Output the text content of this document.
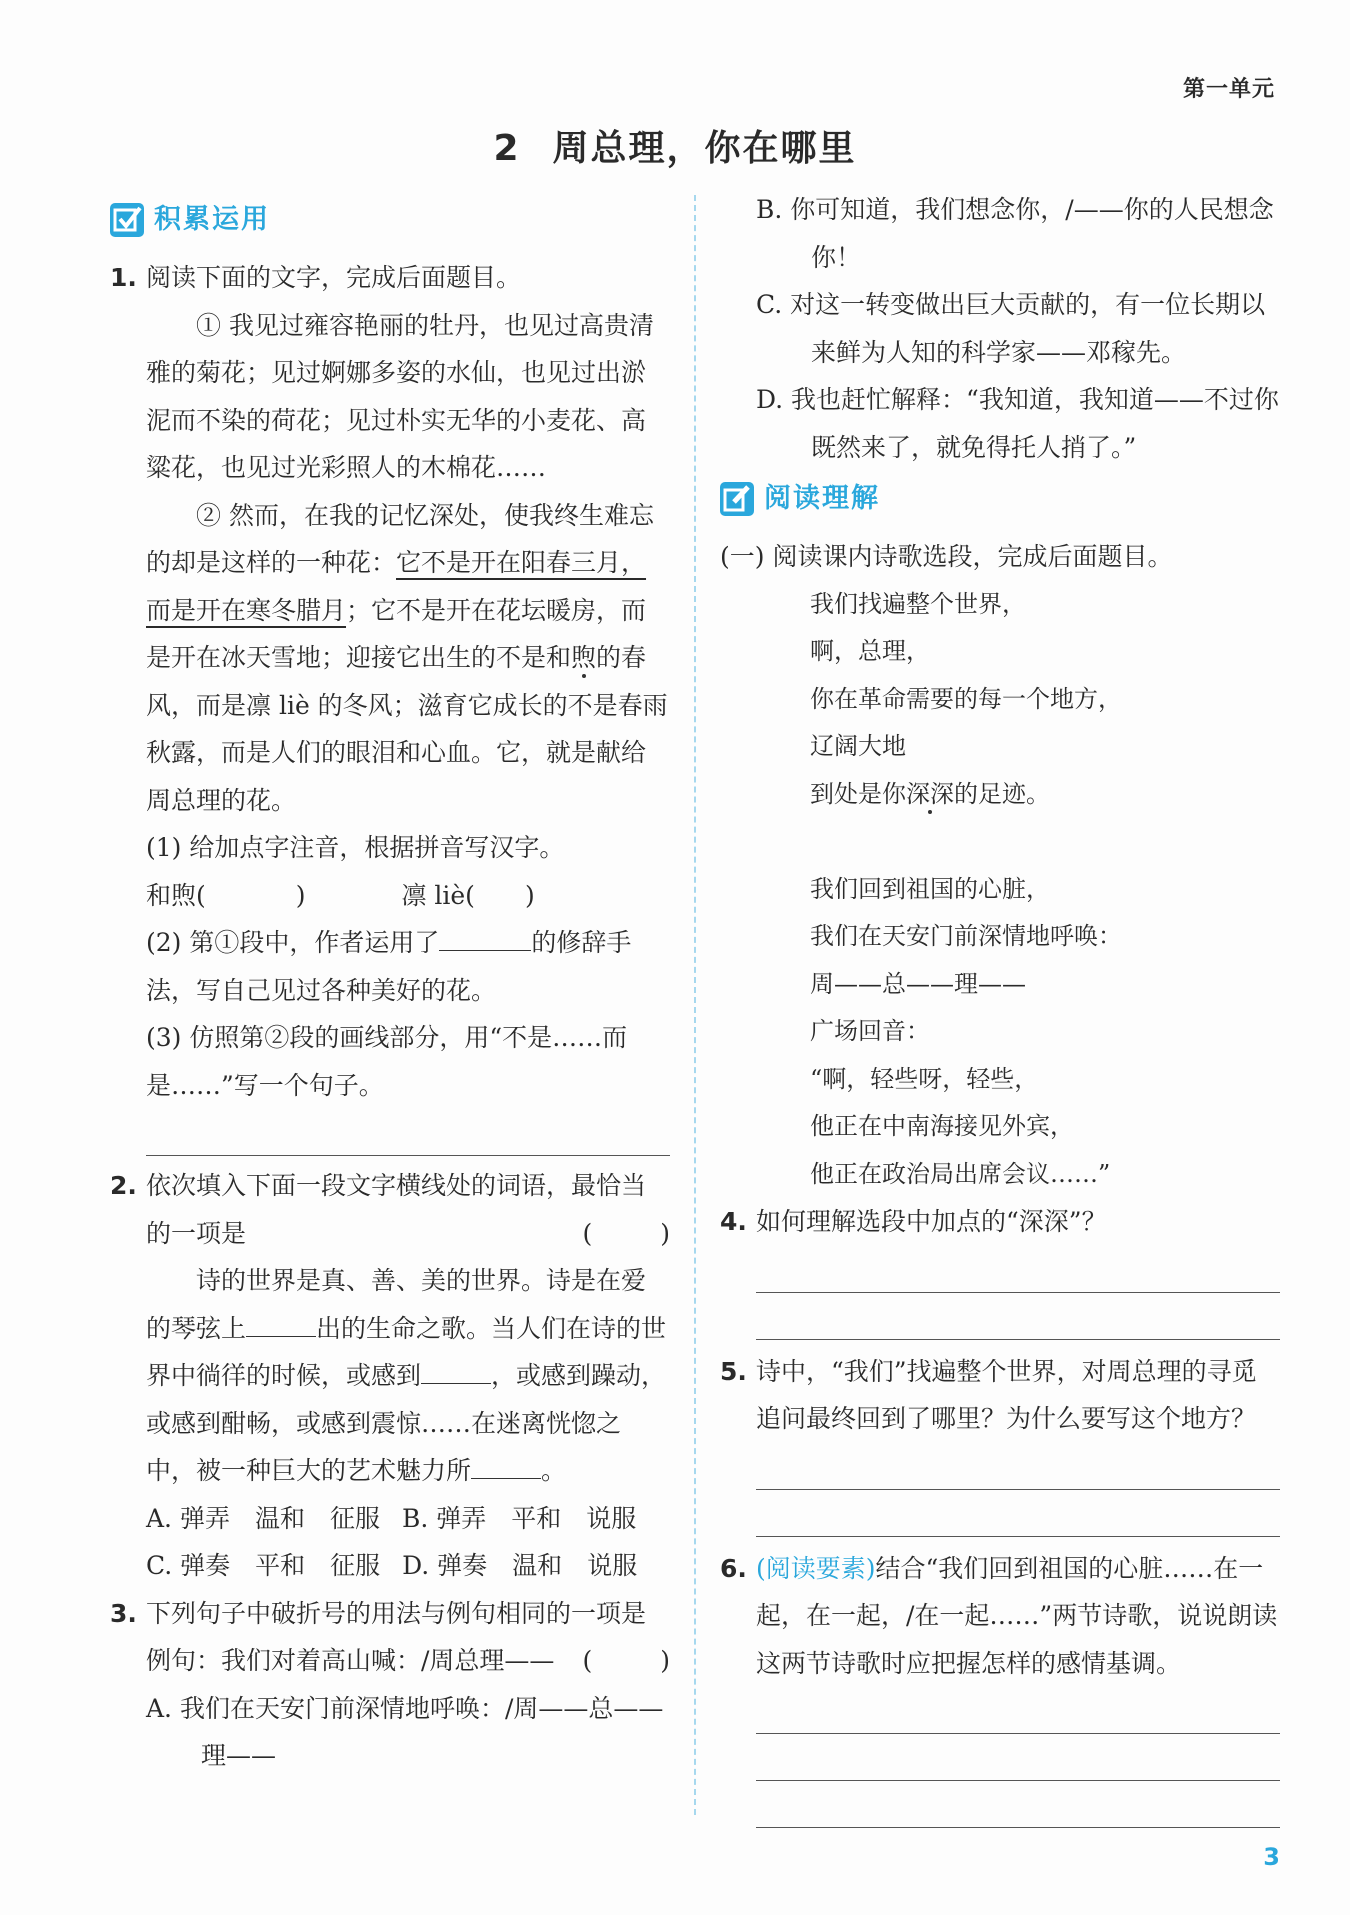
第一单元
2 周总理，你在哪里
积累运用
1. 阅读下面的文字，完成后面题目。

① 我见过雍容艳丽的牡丹，也见过高贵清雅的菊花；见过婀娜多姿的水仙，也见过出淤泥而不染的荷花；见过朴实无华的小麦花、高粱花，也见过光彩照人的木棉花……

② 然而，在我的记忆深处，使我终生难忘的却是这样的一种花：它不是开在阳春三月，而是开在寒冬腊月；它不是开在花坛暖房，而是开在冰天雪地；迎接它出生的不是和煦的春风，而是凛 liè 的冬风；滋育它成长的不是春雨秋露，而是人们的眼泪和心血。它，就是献给周总理的花。

(1) 给加点字注音，根据拼音写汉字。

和煦(	)	凛 liè( )

(2) 第①段中，作者运用了	的修辞手法，写自己见过各种美好的花。

(3) 仿照第②段的画线部分，用“不是……而是……”写一个句子。

2. 依次填入下面一段文字横线处的词语，最恰当的一项是	( )

诗的世界是真、善、美的世界。诗是在爱的琴弦上	出的生命之歌。当人们在诗的世界中徜徉的时候，或感到	，或感到躁动，或感到酣畅，或感到震惊……在迷离恍惚之中，被一种巨大的艺术魅力所	。

A. 弹弄　温和　征服 B. 弹弄　平和　说服
C. 弹奏　平和　征服 D. 弹奏　温和　说服
3. 下列句子中破折号的用法与例句相同的一项是
( )

例句：我们对着高山喊：/周总理——

A. 我们在天安门前深情地呼唤：/周——总——理——

B. 你可知道，我们想念你，/——你的人民想念你！

C. 对这一转变做出巨大贡献的，有一位长期以来鲜为人知的科学家——邓稼先。

D. 我也赶忙解释：“我知道，我知道——不过你既然来了，就免得托人捎了。”

阅读理解

(一) 阅读课内诗歌选段，完成后面题目。

我们找遍整个世界，
啊，总理，
你在革命需要的每一个地方，
辽阔大地
到处是你深深的足迹。
我们回到祖国的心脏，
我们在天安门前深情地呼唤：
周——总——理——
广场回音：
“啊，轻些呀，轻些，
他正在中南海接见外宾，
他正在政治局出席会议……”
4. 如何理解选段中加点的“深深”？

5. 诗中，“我们”找遍整个世界，对周总理的寻觅追问最终回到了哪里？为什么要写这个地方？

6. (阅读要素)结合“我们回到祖国的心脏……在一起，在一起，/在一起……”两节诗歌，说说朗读这两节诗歌时应把握怎样的感情基调。

3
